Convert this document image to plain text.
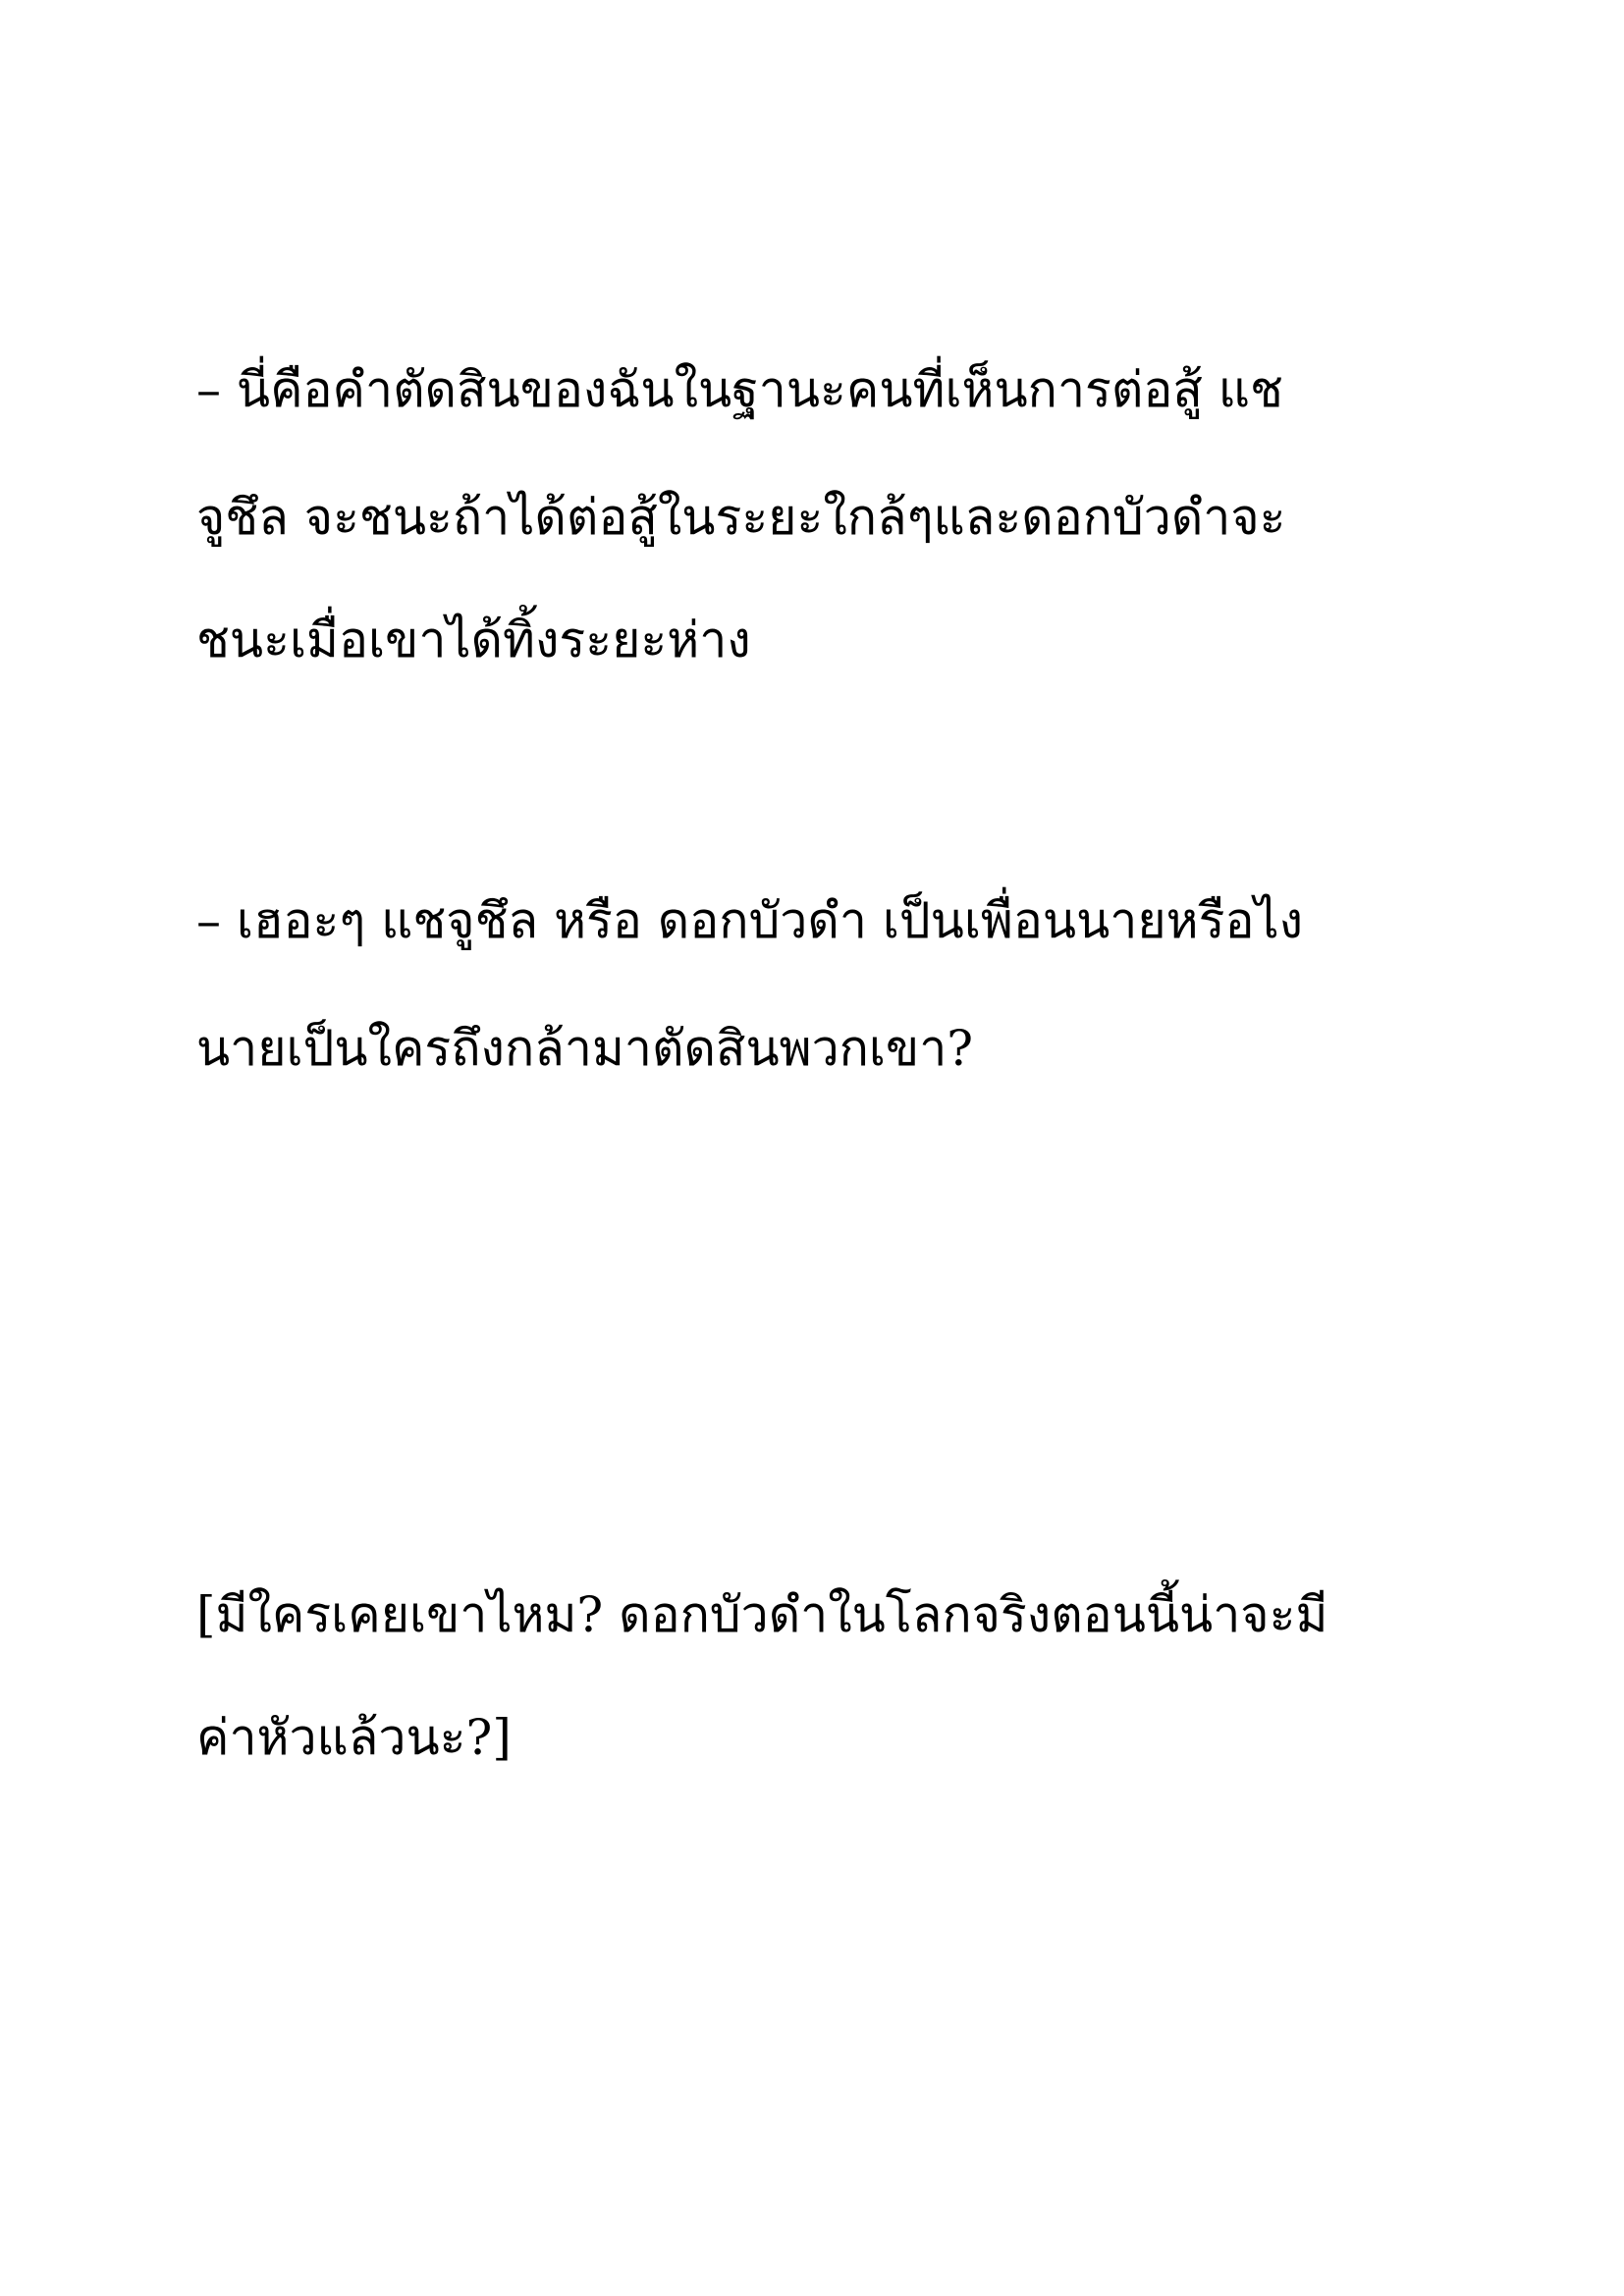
– นี่คือคำตัดสินของฉันในฐานะคนที่เห็นการต่อสู้ แช

จูชึล จะชนะถ้าได้ต่อสู้ในระยะใกล้ๆและดอกบัวดำจะ

ชนะเมื่อเขาได้ทิ้งระยะห่าง

– เฮอะๆ แชจูชึล หรือ ดอกบัวดำ เป็นเพื่อนนายหรือไง

นายเป็นใครถึงกล้ามาตัดสินพวกเขา?

[มีใครเคยเขาไหม? ดอกบัวดำในโลกจริงตอนนี้น่าจะมี

ค่าหัวแล้วนะ?]
